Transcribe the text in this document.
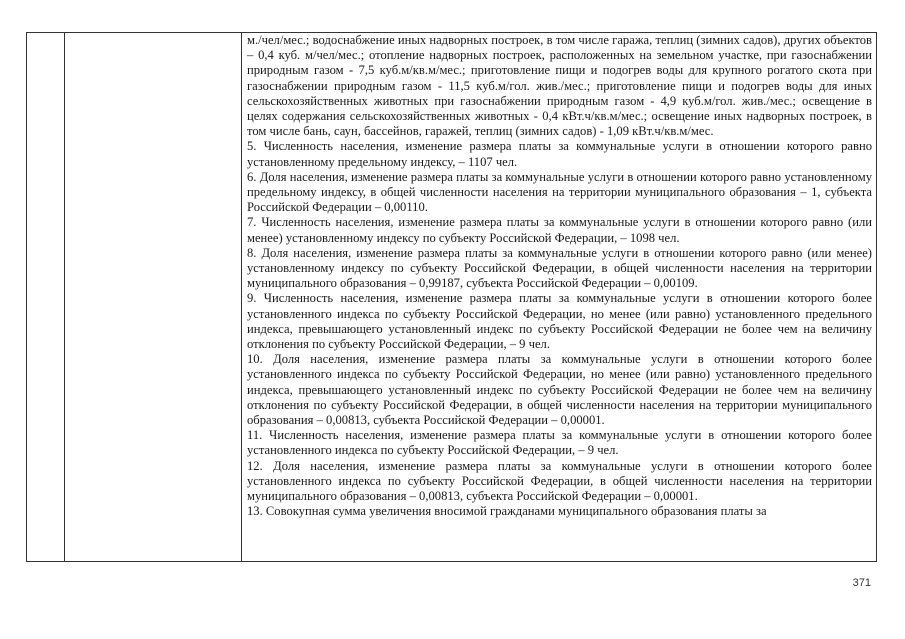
м./чел/мес.; водоснабжение иных надворных построек, в том числе гаража, теплиц (зимних садов), других объектов – 0,4 куб. м/чел/мес.; отопление надворных построек, расположенных на земельном участке, при газоснабжении природным газом - 7,5 куб.м/кв.м/мес.; приготовление пищи и подогрев воды для крупного рогатого скота при газоснабжении природным газом - 11,5 куб.м/гол. жив./мес.; приготовление пищи и подогрев воды для иных сельскохозяйственных животных при газоснабжении природным газом - 4,9 куб.м/гол. жив./мес.; освещение в целях содержания сельскохозяйственных животных - 0,4 кВт.ч/кв.м/мес.; освещение иных надворных построек, в том числе бань, саун, бассейнов, гаражей, теплиц (зимних садов) - 1,09 кВт.ч/кв.м/мес.

5. Численность населения, изменение размера платы за коммунальные услуги в отношении которого равно установленному предельному индексу, – 1107 чел.

6. Доля населения, изменение размера платы за коммунальные услуги в отношении которого равно установленному предельному индексу, в общей численности населения на территории муниципального образования – 1, субъекта Российской Федерации – 0,00110.

7. Численность населения, изменение размера платы за коммунальные услуги в отношении которого равно (или менее) установленному индексу по субъекту Российской Федерации, – 1098 чел.

8. Доля населения, изменение размера платы за коммунальные услуги в отношении которого равно (или менее) установленному индексу по субъекту Российской Федерации, в общей численности населения на территории муниципального образования – 0,99187, субъекта Российской Федерации – 0,00109.

9. Численность населения, изменение размера платы за коммунальные услуги в отношении которого более установленного индекса по субъекту Российской Федерации, но менее (или равно) установленного предельного индекса, превышающего установленный индекс по субъекту Российской Федерации не более чем на величину отклонения по субъекту Российской Федерации, – 9 чел.

10. Доля населения, изменение размера платы за коммунальные услуги в отношении которого более установленного индекса по субъекту Российской Федерации, но менее (или равно) установленного предельного индекса, превышающего установленный индекс по субъекту Российской Федерации не более чем на величину отклонения по субъекту Российской Федерации, в общей численности населения на территории муниципального образования – 0,00813, субъекта Российской Федерации – 0,00001.

11. Численность населения, изменение размера платы за коммунальные услуги в отношении которого более установленного индекса по субъекту Российской Федерации, – 9 чел.

12. Доля населения, изменение размера платы за коммунальные услуги в отношении которого более установленного индекса по субъекту Российской Федерации, в общей численности населения на территории муниципального образования – 0,00813, субъекта Российской Федерации – 0,00001.

13. Совокупная сумма увеличения вносимой гражданами муниципального образования платы за

371
